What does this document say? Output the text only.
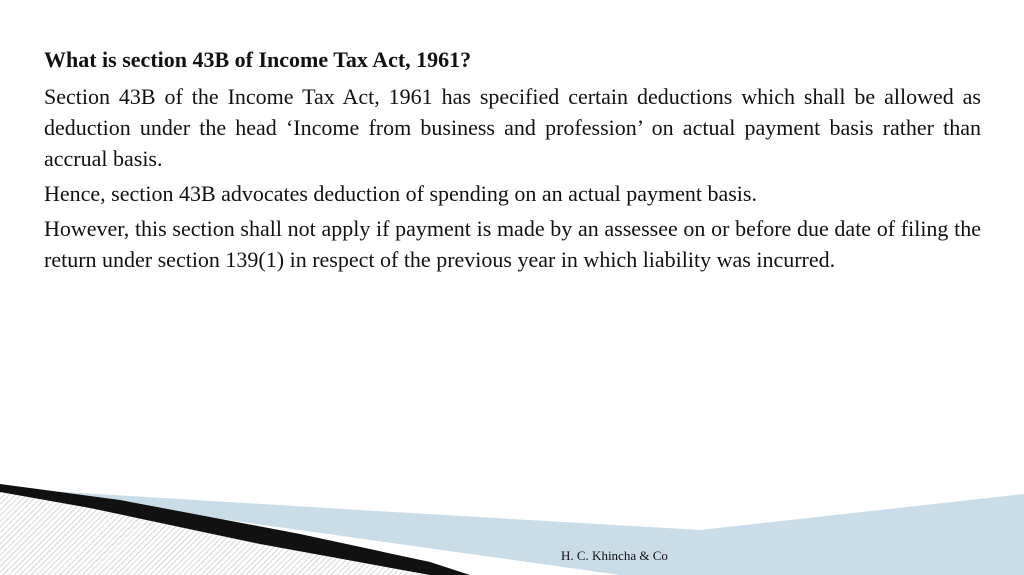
What is section 43B of Income Tax Act, 1961?
Section 43B of the Income Tax Act, 1961 has specified certain deductions which shall be allowed as deduction under the head ‘Income from business and profession’ on actual payment basis rather than accrual basis.
Hence, section 43B advocates deduction of spending on an actual payment basis.
However, this section shall not apply if payment is made by an assessee on or before due date of filing the return under section 139(1) in respect of the previous year in which liability was incurred.
H. C. Khincha & Co
